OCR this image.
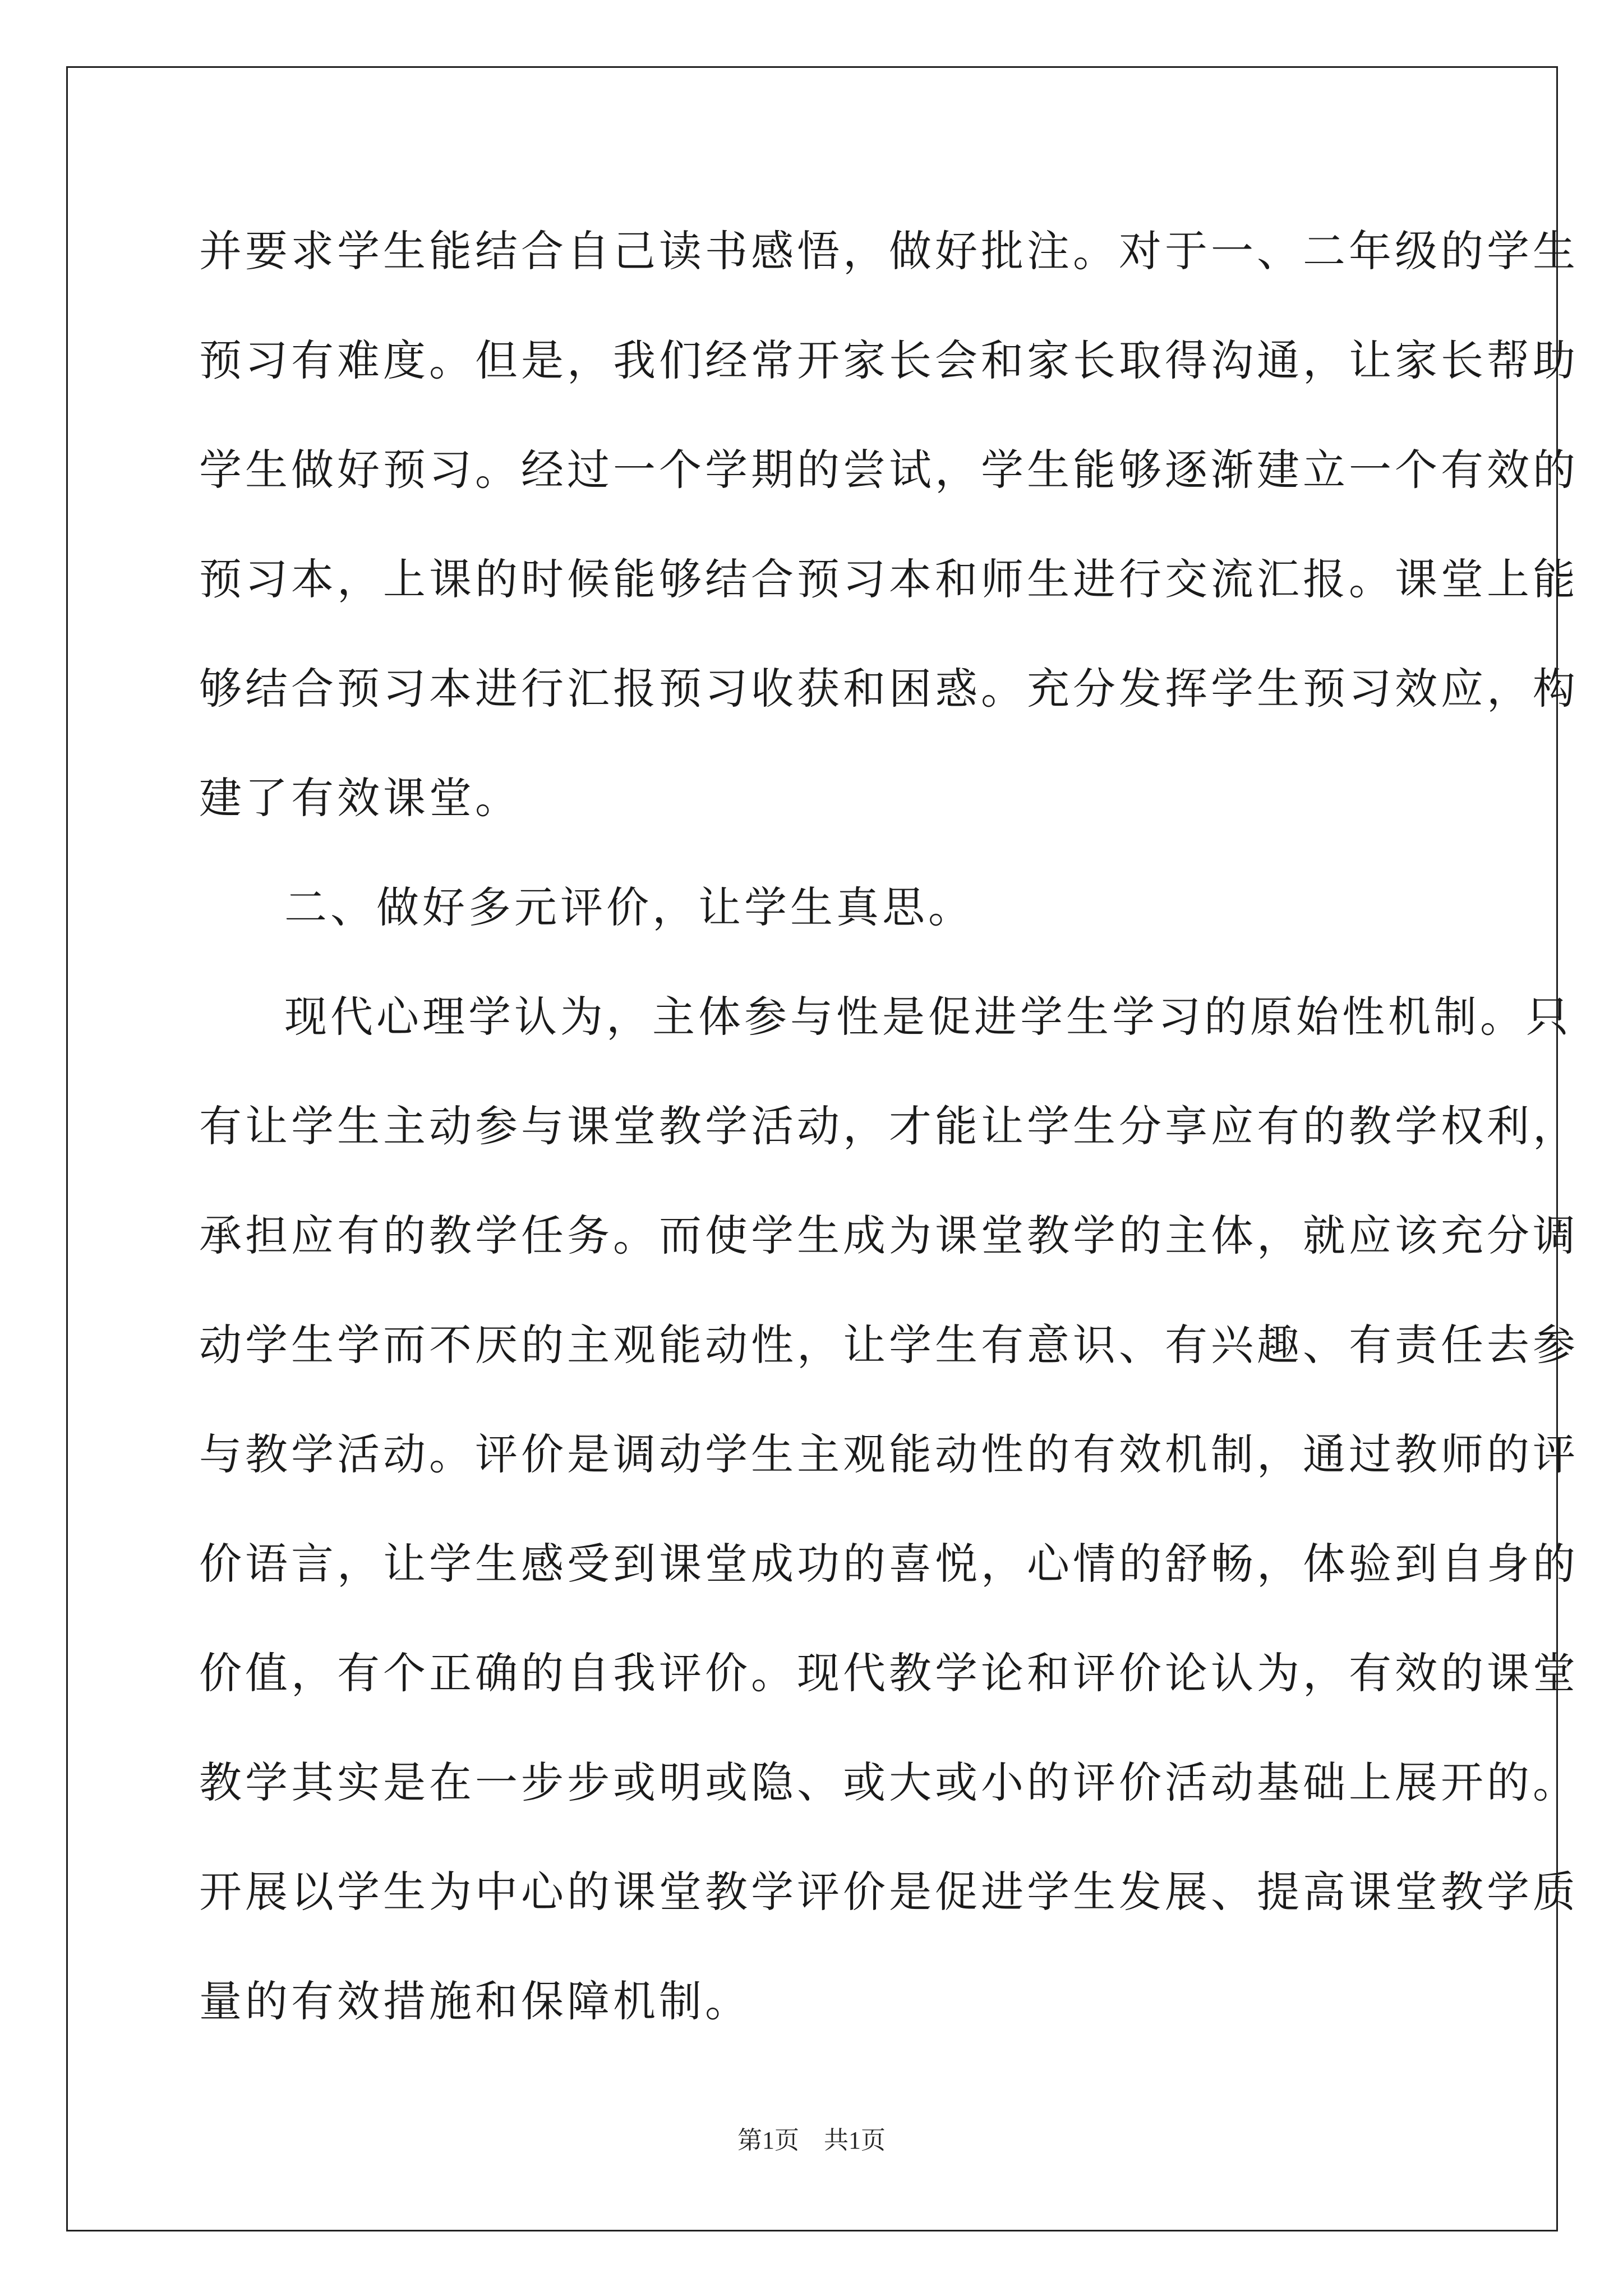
并要求学生能结合自己读书感悟，做好批注。对于一、二年级的学生
预习有难度。但是，我们经常开家长会和家长取得沟通，让家长帮助
学生做好预习。经过一个学期的尝试，学生能够逐渐建立一个有效的
预习本，上课的时候能够结合预习本和师生进行交流汇报。课堂上能
够结合预习本进行汇报预习收获和困惑。充分发挥学生预习效应，构
建了有效课堂。
二、做好多元评价，让学生真思。
现代心理学认为，主体参与性是促进学生学习的原始性机制。只
有让学生主动参与课堂教学活动，才能让学生分享应有的教学权利，
承担应有的教学任务。而使学生成为课堂教学的主体，就应该充分调
动学生学而不厌的主观能动性，让学生有意识、有兴趣、有责任去参
与教学活动。评价是调动学生主观能动性的有效机制，通过教师的评
价语言，让学生感受到课堂成功的喜悦，心情的舒畅，体验到自身的
价值，有个正确的自我评价。现代教学论和评价论认为，有效的课堂
教学其实是在一步步或明或隐、或大或小的评价活动基础上展开的。
开展以学生为中心的课堂教学评价是促进学生发展、提高课堂教学质
量的有效措施和保障机制。
第1页　共1页
